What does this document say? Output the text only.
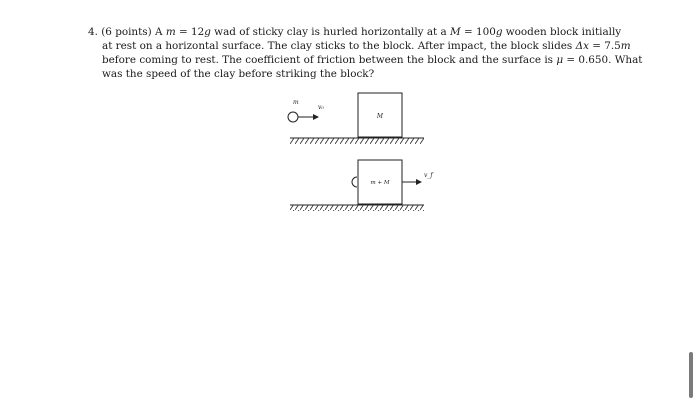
4. (6 points) A m = 12g wad of sticky clay is hurled horizontally at a M = 100g wooden block initially
at rest on a horizontal surface. The clay sticks to the block. After impact, the block slides Δx = 7.5m
before coming to rest. The coefficient of friction between the block and the surface is μ = 0.650. What
was the speed of the clay before striking the block?
m
v₀
M
m + M
v_f
